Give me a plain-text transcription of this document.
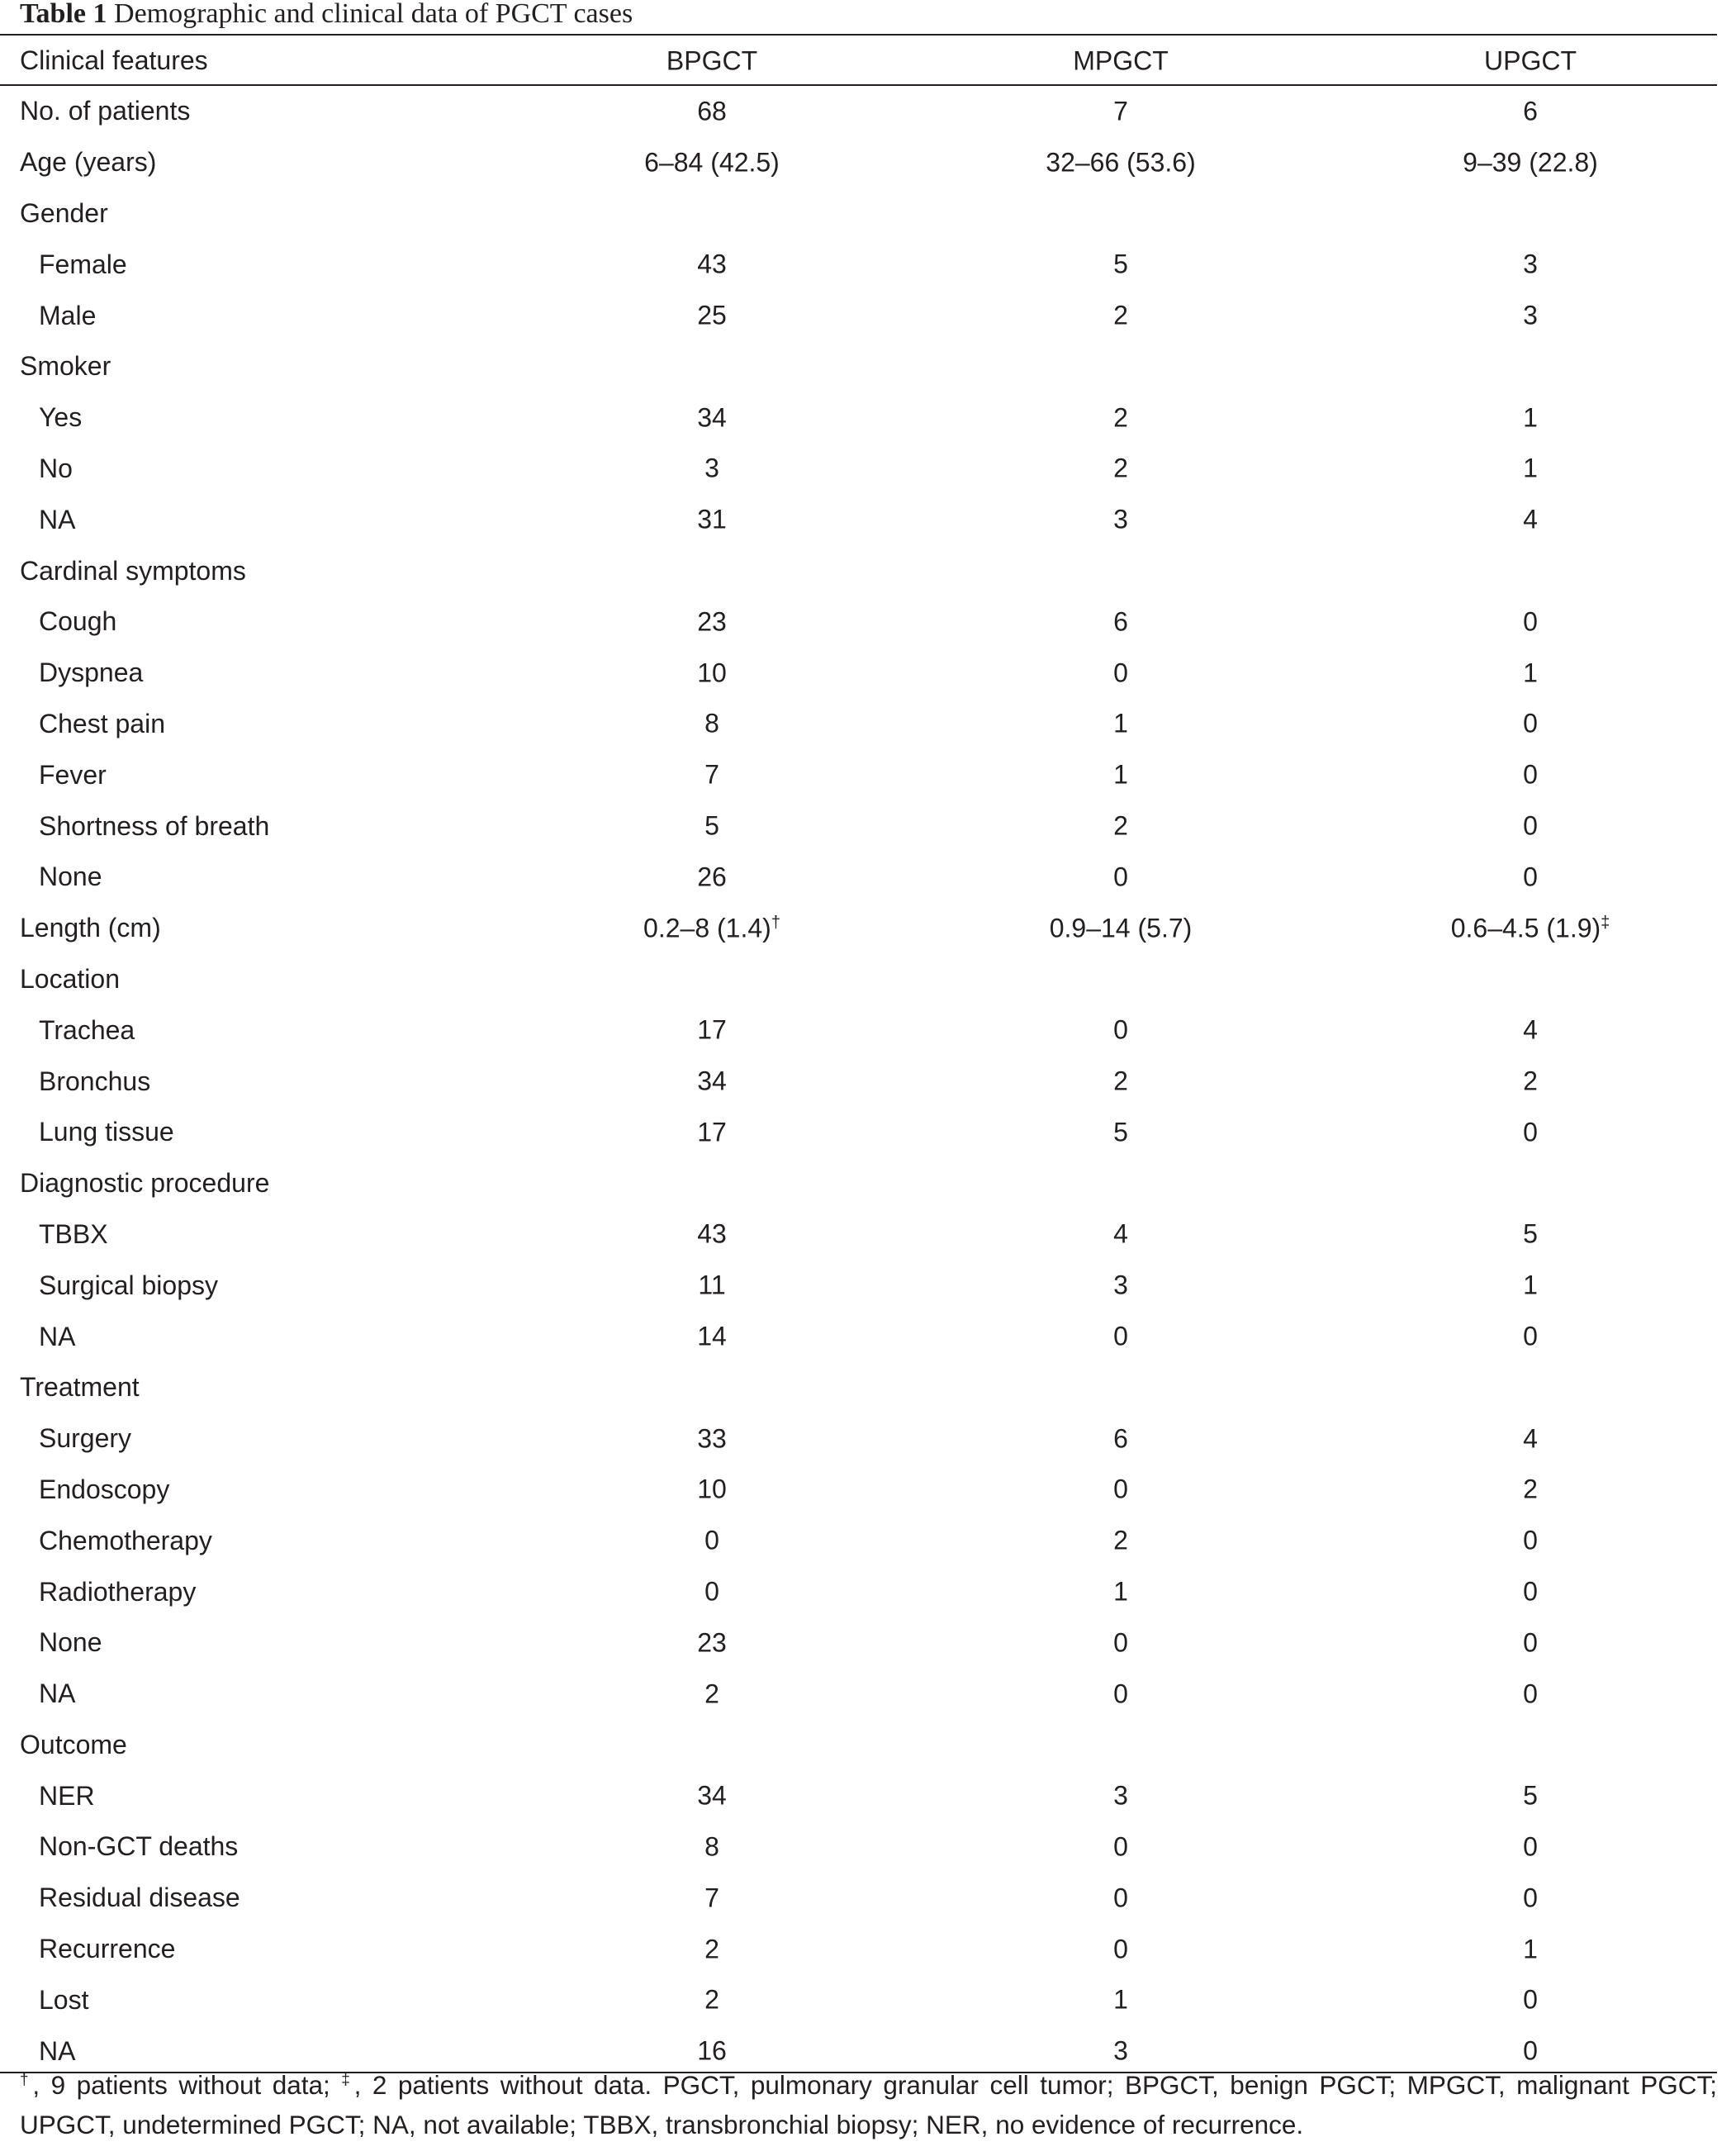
Table 1 Demographic and clinical data of PGCT cases
Clinical features	BPGCT	MPGCT	UPGCT

No. of patients	68	7	6

Age (years)	6–84 (42.5)	32–66 (53.6)	9–39 (22.8)

Gender	

Female	43	5	3

Male	25	2	3

Smoker	

Yes	34	2	1

No	3	2	1

NA	31	3	4

Cardinal symptoms	

Cough	23	6	0

Dyspnea	10	0	1

Chest pain	8	1	0

Fever	7	1	0

Shortness of breath	5	2	0

None	26	0	0

Length (cm)	0.2–8 (1.4)†	0.9–14 (5.7)	0.6–4.5 (1.9)‡

Location	

Trachea	17	0	4

Bronchus	34	2	2

Lung tissue	17	5	0

Diagnostic procedure	

TBBX	43	4	5

Surgical biopsy	11	3	1

NA	14	0	0

Treatment	

Surgery	33	6	4

Endoscopy	10	0	2

Chemotherapy	0	2	0

Radiotherapy	0	1	0

None	23	0	0

NA	2	0	0

Outcome	

NER	34	3	5

Non-GCT deaths	8	0	0

Residual disease	7	0	0

Recurrence	2	0	1

Lost	2	1	0

NA	16	3	0
†, 9 patients without data; ‡, 2 patients without data. PGCT, pulmonary granular cell tumor; BPGCT, benign PGCT; MPGCT, malignant PGCT; UPGCT, undetermined PGCT; NA, not available; TBBX, transbronchial biopsy; NER, no evidence of recurrence.
